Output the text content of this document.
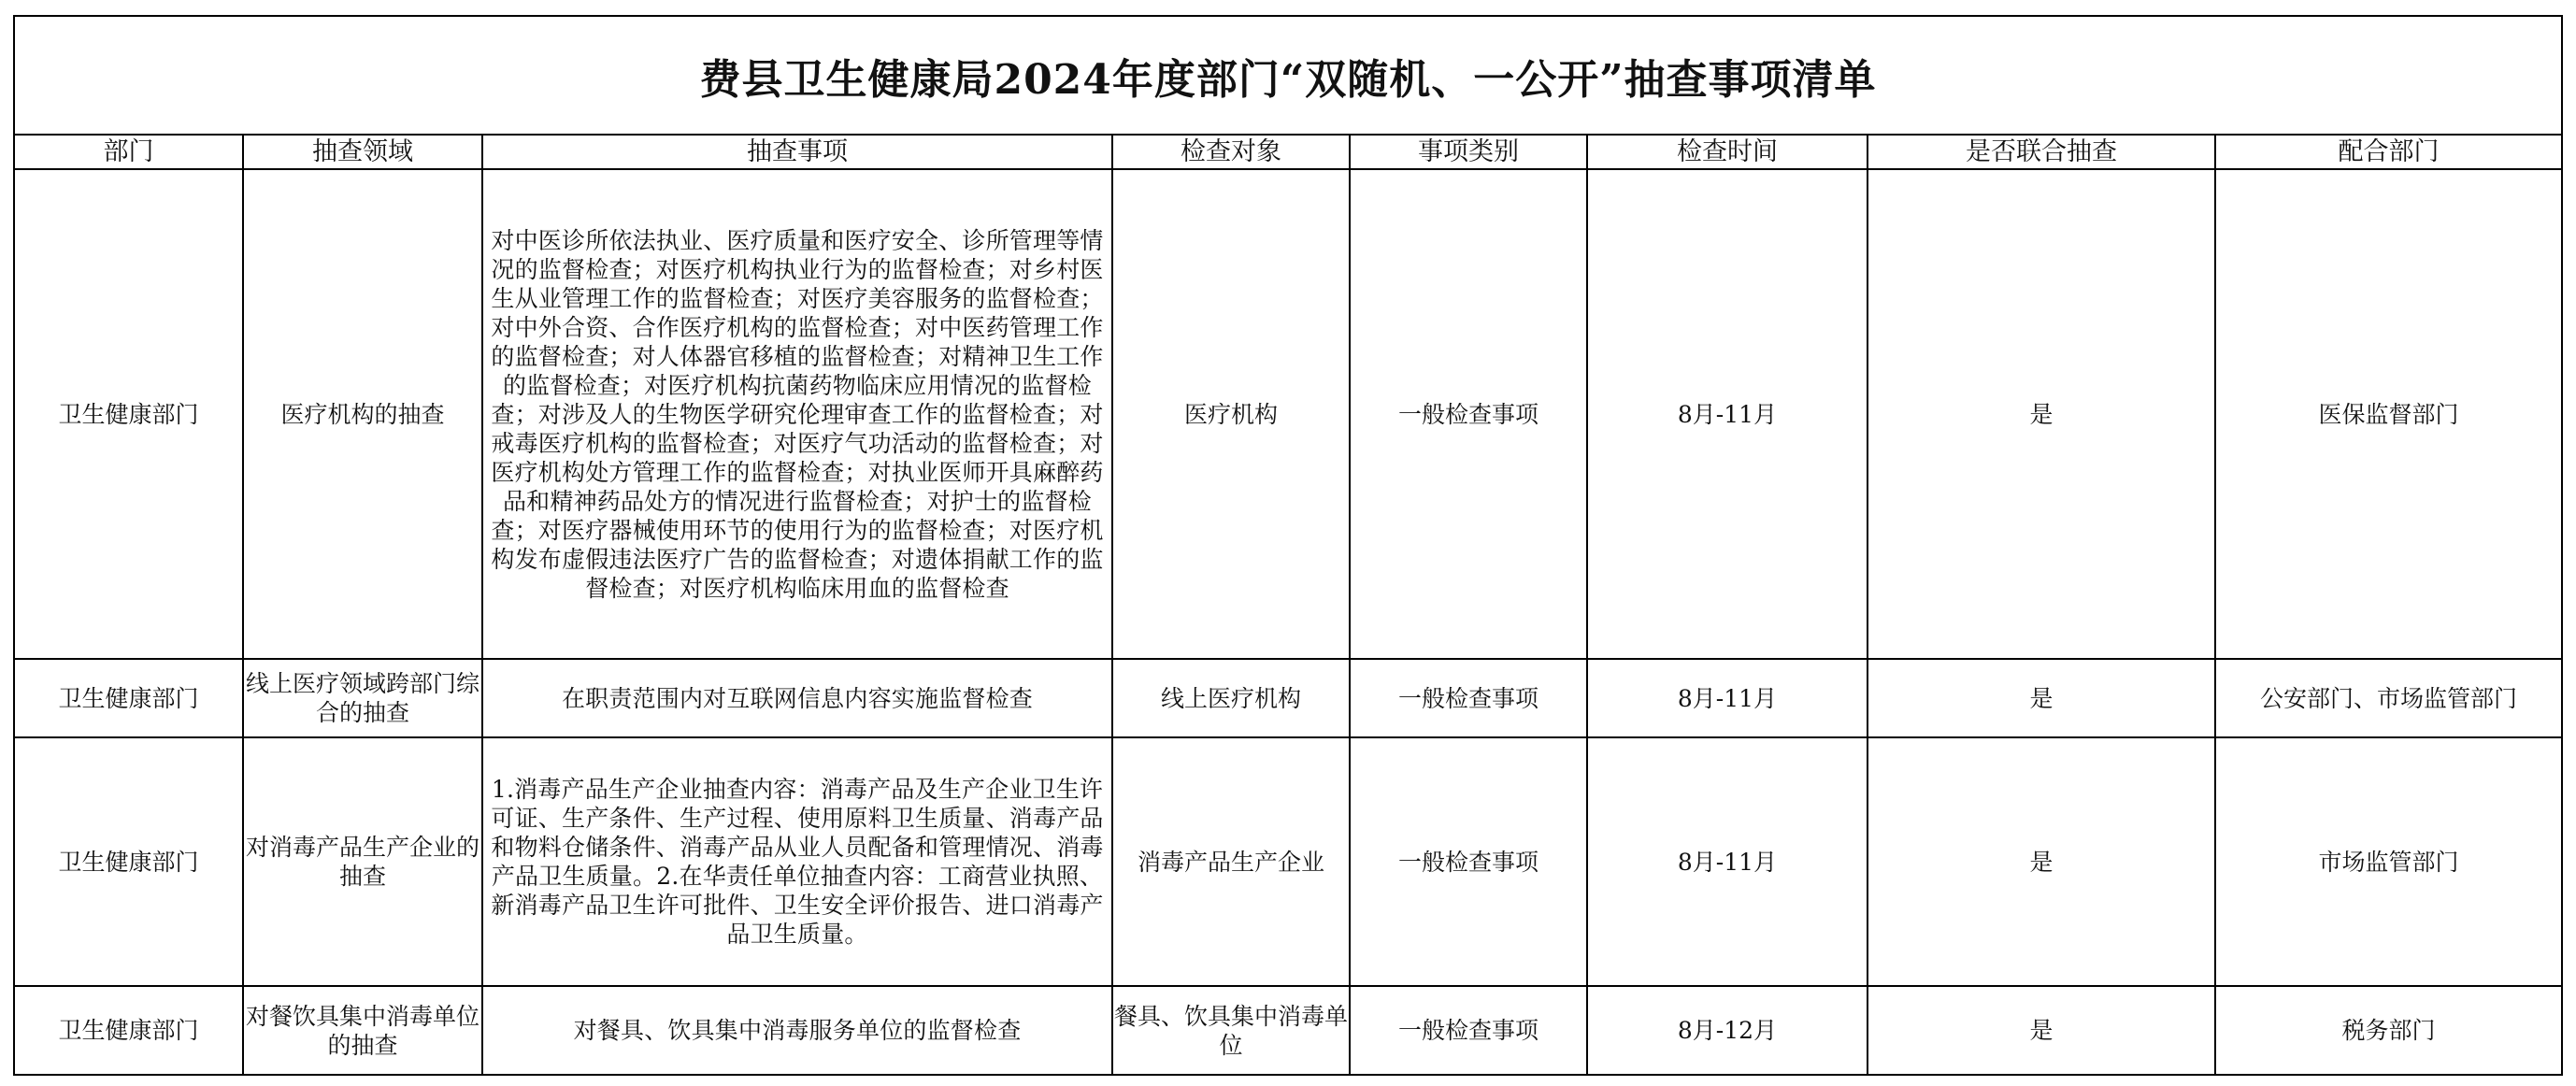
费县卫生健康局2024年度部门“双随机、一公开”抽查事项清单
部门	抽查领域	抽查事项	检查对象	事项类别	检查时间	是否联合抽查	配合部门
卫生健康部门	医疗机构的抽查	对中医诊所依法执业、医疗质量和医疗安全、诊所管理等情况的监督检查；对医疗机构执业行为的监督检查；对乡村医生从业管理工作的监督检查；对医疗美容服务的监督检查；对中外合资、合作医疗机构的监督检查；对中医药管理工作的监督检查；对人体器官移植的监督检查；对精神卫生工作的监督检查；对医疗机构抗菌药物临床应用情况的监督检查；对涉及人的生物医学研究伦理审查工作的监督检查；对戒毒医疗机构的监督检查；对医疗气功活动的监督检查；对医疗机构处方管理工作的监督检查；对执业医师开具麻醉药品和精神药品处方的情况进行监督检查；对护士的监督检查；对医疗器械使用环节的使用行为的监督检查；对医疗机构发布虚假违法医疗广告的监督检查；对遗体捐献工作的监督检查；对医疗机构临床用血的监督检查	医疗机构	一般检查事项	8月-11月	是	医保监督部门
卫生健康部门	线上医疗领域跨部门综合的抽查	在职责范围内对互联网信息内容实施监督检查	线上医疗机构	一般检查事项	8月-11月	是	公安部门、市场监管部门
卫生健康部门	对消毒产品生产企业的抽查	1.消毒产品生产企业抽查内容：消毒产品及生产企业卫生许可证、生产条件、生产过程、使用原料卫生质量、消毒产品和物料仓储条件、消毒产品从业人员配备和管理情况、消毒产品卫生质量。2.在华责任单位抽查内容：工商营业执照、新消毒产品卫生许可批件、卫生安全评价报告、进口消毒产品卫生质量。	消毒产品生产企业	一般检查事项	8月-11月	是	市场监管部门
卫生健康部门	对餐饮具集中消毒单位的抽查	对餐具、饮具集中消毒服务单位的监督检查	餐具、饮具集中消毒单位	一般检查事项	8月-12月	是	税务部门
